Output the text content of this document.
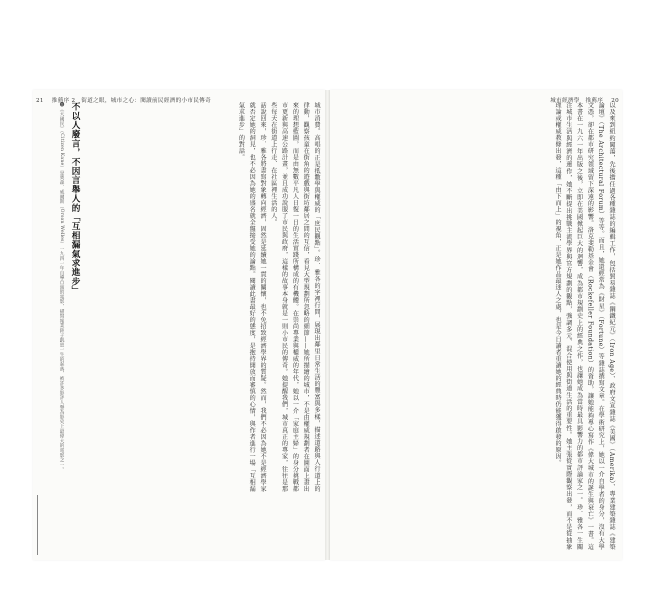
❶《大國民》（Citizen Kane）是奧森．威爾斯（Orson Welles）一九四一年自導自演的電影，描寫報業鉅子凱恩一生的起落，被許多影評人譽為影史上最偉大的電影之一。 不以人廢言，不因言舉人的「互相漏氣求進步」	城市消費。高唱的正是抵數學與權威的「庶民觀點」。珍．雅各的字裡行間，展現出鄰里日常生活的豐富與多樣，描述道路與人行道上的律動，觀察孩童在街角的遊戲與街坊鄰居之間的互信，看見大型規劃所忽略的細節——她所描繪的城市，不是由權威規劃者在圖面上畫出來的理想藍圖，而是由無數平凡人日復一日的生活實踐所構成的有機體。在崇尚專業與權威的年代，她以一介「家庭主婦」的身分挑戰都市更新與高速公路計畫，並且成功說服了市民與政府，這樣的故事本身就是一則小市民的傳奇。她提醒我們，城市真正的專家，往往是那些每天在街道上行走、在社區裡生活的人。
話說回來，珍．雅各將書寫對象轉向經濟，固然是延續她一貫的關懷，也不免招致經濟學界的質疑。然而，我們不必因為她不是經濟學家就否定她的洞見，也不必因為她的盛名就全盤接受她的論點。閱讀此書最好的態度，是抱持開放而審慎的心情，與作者進行一場「互相漏氣求進步」的對話。	以及來到紐約闖蕩，先後擔任過各種雜誌的編輯工作，包括貿易雜誌《鋼鐵紀元》（Iron Age）、政府文宣雜誌《美國》（Amerika）、專業建築雜誌《建築論壇》（The Architectural Forum）等等。而且，她還經常為《財星》（Fortune）等雜誌撰寫文章。在學術研究上，她以一介自學者的身分，沒有大學文憑，卻在都市研究領域留下深遠的影響。洛克斐勒基金會（Rockefeller Foundation）的資助，讓她能夠專心寫作《偉大城市的誕生與衰亡》一書。這本書在一九六一年出版之後，立即在美國掀起巨大的迴響，成為都市規劃史上的經典之作，也讓她成為當時最具影響力的都市評論家之一。珍．雅各一生關注城市生活與經濟的運作，她不斷提出挑戰主流學界與官方規劃的觀點，強調多元、混合使用與街道生活的重要性。她主張從實際觀察出發，而不是從抽象理論或權威教條出發，這種「由下而上」的視角，正是她作品最迷人之處，也是今日讀者重讀她的經典時仍能獲得啟發的原因。
21 推薦序 2　街道之眼，城市之心：閱讀前民經濟的小市民傳奇	城市經濟學　推薦序 20
